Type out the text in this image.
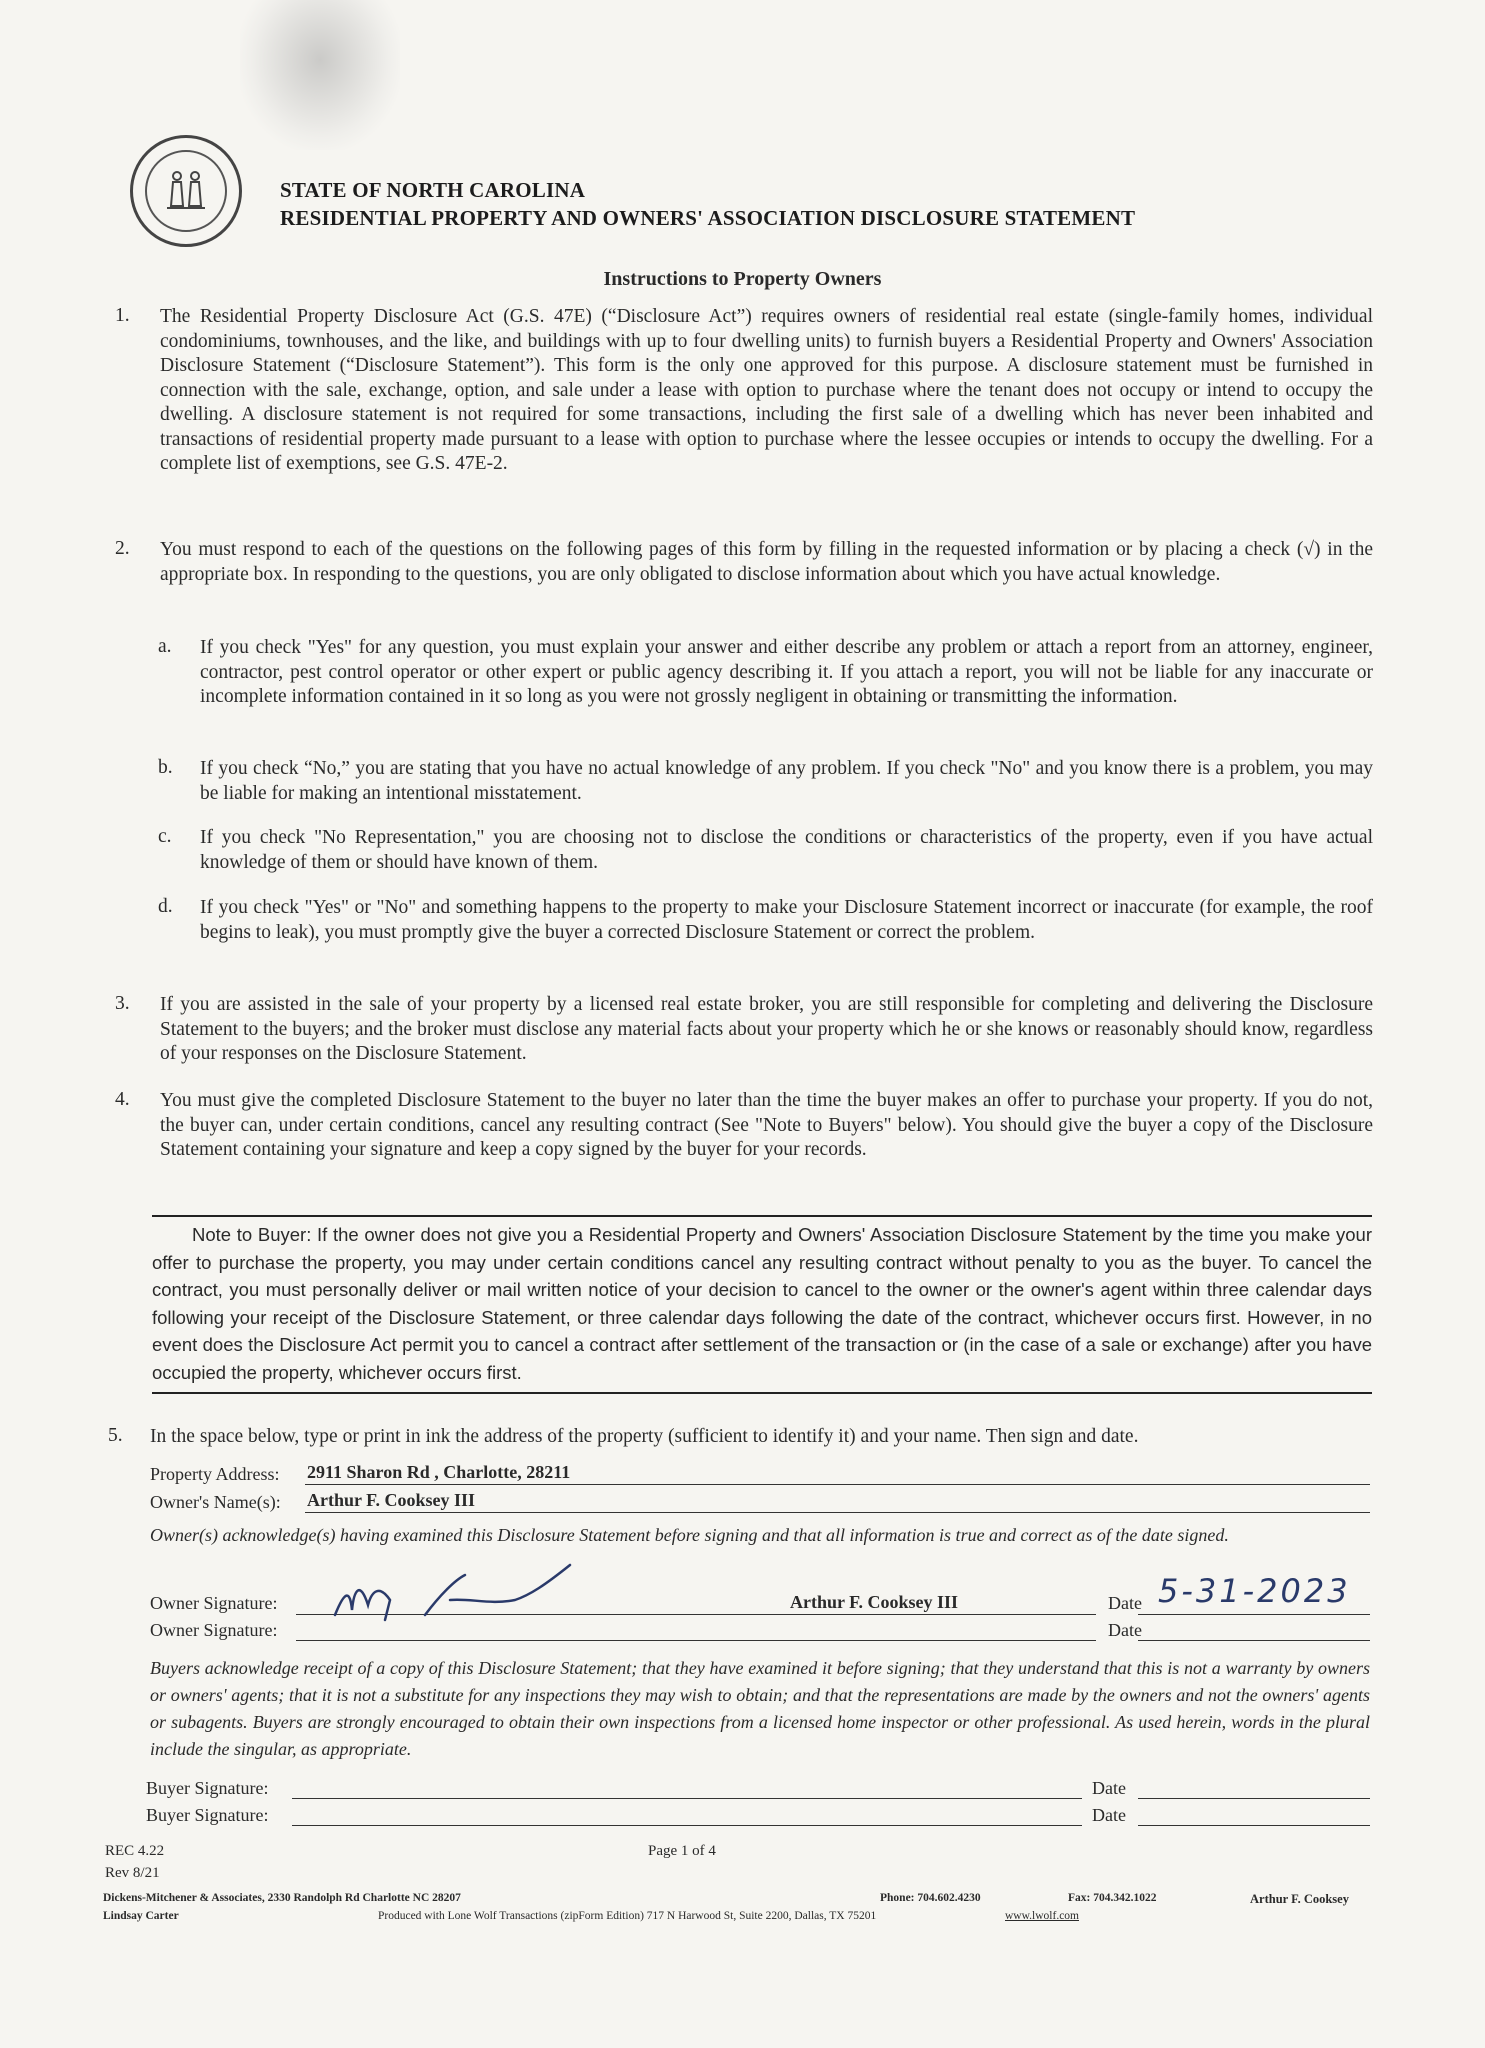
STATE OF NORTH CAROLINA
RESIDENTIAL PROPERTY AND OWNERS' ASSOCIATION DISCLOSURE STATEMENT
Instructions to Property Owners
1. The Residential Property Disclosure Act (G.S. 47E) (“Disclosure Act”) requires owners of residential real estate (single-family homes, individual condominiums, townhouses, and the like, and buildings with up to four dwelling units) to furnish buyers a Residential Property and Owners' Association Disclosure Statement (“Disclosure Statement”). This form is the only one approved for this purpose. A disclosure statement must be furnished in connection with the sale, exchange, option, and sale under a lease with option to purchase where the tenant does not occupy or intend to occupy the dwelling. A disclosure statement is not required for some transactions, including the first sale of a dwelling which has never been inhabited and transactions of residential property made pursuant to a lease with option to purchase where the lessee occupies or intends to occupy the dwelling. For a complete list of exemptions, see G.S. 47E-2.
2. You must respond to each of the questions on the following pages of this form by filling in the requested information or by placing a check (√) in the appropriate box. In responding to the questions, you are only obligated to disclose information about which you have actual knowledge.
a. If you check "Yes" for any question, you must explain your answer and either describe any problem or attach a report from an attorney, engineer, contractor, pest control operator or other expert or public agency describing it. If you attach a report, you will not be liable for any inaccurate or incomplete information contained in it so long as you were not grossly negligent in obtaining or transmitting the information.
b. If you check “No,” you are stating that you have no actual knowledge of any problem. If you check "No" and you know there is a problem, you may be liable for making an intentional misstatement.
c. If you check "No Representation," you are choosing not to disclose the conditions or characteristics of the property, even if you have actual knowledge of them or should have known of them.
d. If you check "Yes" or "No" and something happens to the property to make your Disclosure Statement incorrect or inaccurate (for example, the roof begins to leak), you must promptly give the buyer a corrected Disclosure Statement or correct the problem.
3. If you are assisted in the sale of your property by a licensed real estate broker, you are still responsible for completing and delivering the Disclosure Statement to the buyers; and the broker must disclose any material facts about your property which he or she knows or reasonably should know, regardless of your responses on the Disclosure Statement.
4. You must give the completed Disclosure Statement to the buyer no later than the time the buyer makes an offer to purchase your property. If you do not, the buyer can, under certain conditions, cancel any resulting contract (See "Note to Buyers" below). You should give the buyer a copy of the Disclosure Statement containing your signature and keep a copy signed by the buyer for your records.
Note to Buyer: If the owner does not give you a Residential Property and Owners' Association Disclosure Statement by the time you make your offer to purchase the property, you may under certain conditions cancel any resulting contract without penalty to you as the buyer. To cancel the contract, you must personally deliver or mail written notice of your decision to cancel to the owner or the owner's agent within three calendar days following your receipt of the Disclosure Statement, or three calendar days following the date of the contract, whichever occurs first. However, in no event does the Disclosure Act permit you to cancel a contract after settlement of the transaction or (in the case of a sale or exchange) after you have occupied the property, whichever occurs first.
5. In the space below, type or print in ink the address of the property (sufficient to identify it) and your name. Then sign and date.
Property Address: 2911 Sharon Rd , Charlotte, 28211
Owner's Name(s): Arthur F. Cooksey III
Owner(s) acknowledge(s) having examined this Disclosure Statement before signing and that all information is true and correct as of the date signed.
Owner Signature:	Arthur F. Cooksey III	Date 5-31-2023
Owner Signature:	Date
Buyers acknowledge receipt of a copy of this Disclosure Statement; that they have examined it before signing; that they understand that this is not a warranty by owners or owners' agents; that it is not a substitute for any inspections they may wish to obtain; and that the representations are made by the owners and not the owners' agents or subagents. Buyers are strongly encouraged to obtain their own inspections from a licensed home inspector or other professional. As used herein, words in the plural include the singular, as appropriate.
Buyer Signature:	Date
Buyer Signature:	Date
REC 4.22
Rev 8/21
Page 1 of 4
Dickens-Mitchener & Associates, 2330 Randolph Rd Charlotte NC 28207	Phone: 704.602.4230	Fax: 704.342.1022	Arthur F. Cooksey
Lindsay Carter	Produced with Lone Wolf Transactions (zipForm Edition) 717 N Harwood St, Suite 2200, Dallas, TX 75201	www.lwolf.com
